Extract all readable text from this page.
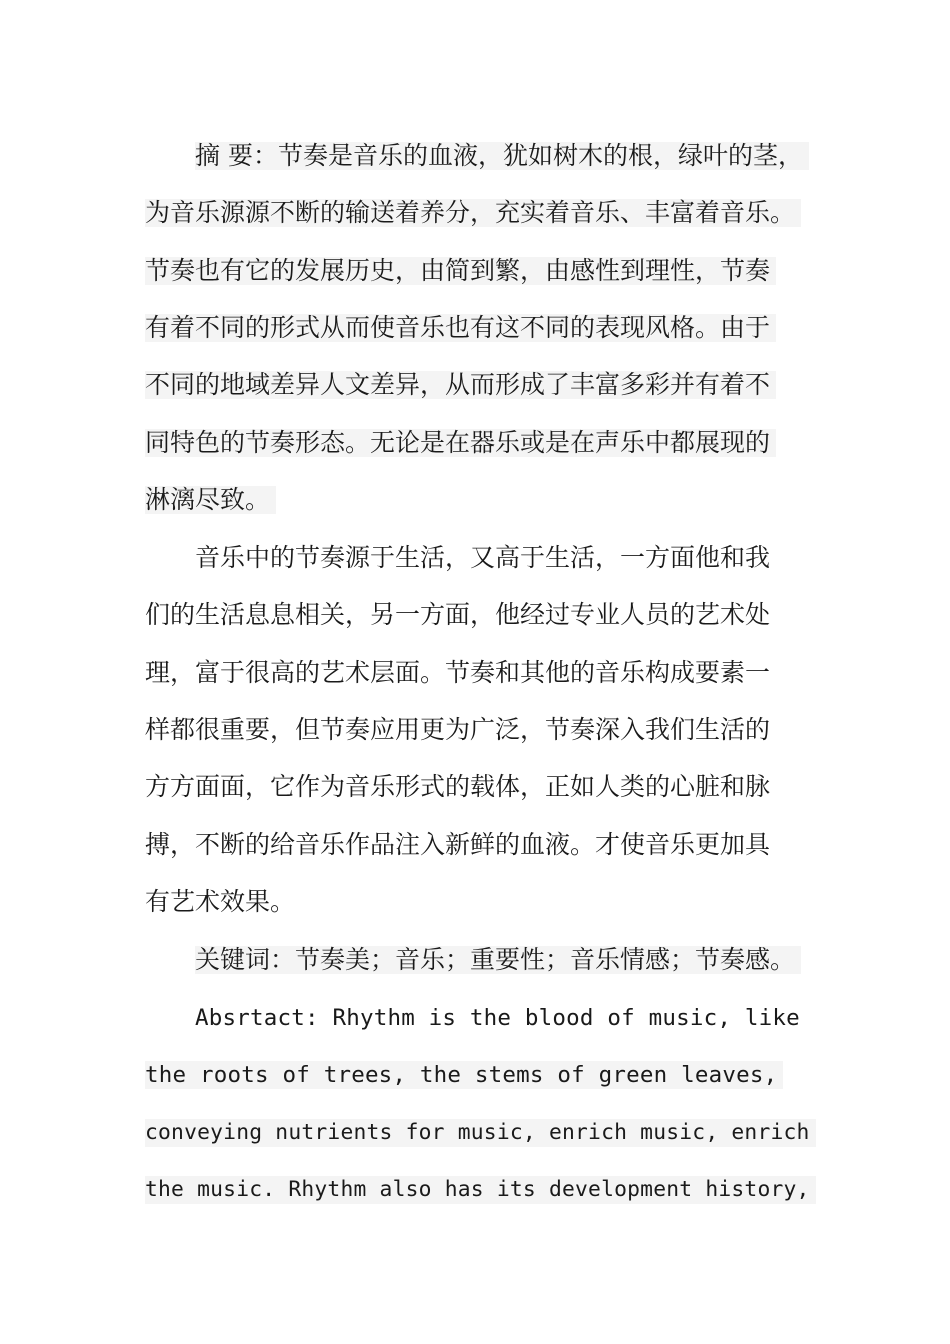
摘 要：节奏是音乐的血液，犹如树木的根，绿叶的茎，
为音乐源源不断的输送着养分，充实着音乐、丰富着音乐。
节奏也有它的发展历史，由简到繁，由感性到理性，节奏
有着不同的形式从而使音乐也有这不同的表现风格。由于
不同的地域差异人文差异，从而形成了丰富多彩并有着不
同特色的节奏形态。无论是在器乐或是在声乐中都展现的
淋漓尽致。
音乐中的节奏源于生活，又高于生活，一方面他和我
们的生活息息相关，另一方面，他经过专业人员的艺术处
理，富于很高的艺术层面。节奏和其他的音乐构成要素一
样都很重要，但节奏应用更为广泛，节奏深入我们生活的
方方面面，它作为音乐形式的载体，正如人类的心脏和脉
搏，不断的给音乐作品注入新鲜的血液。才使音乐更加具
有艺术效果。
关键词：节奏美；音乐；重要性；音乐情感；节奏感。
Absrtact: Rhythm is the blood of music, like
the roots of trees, the stems of green leaves,
conveying nutrients for music, enrich music, enrich
the music. Rhythm also has its development history,
